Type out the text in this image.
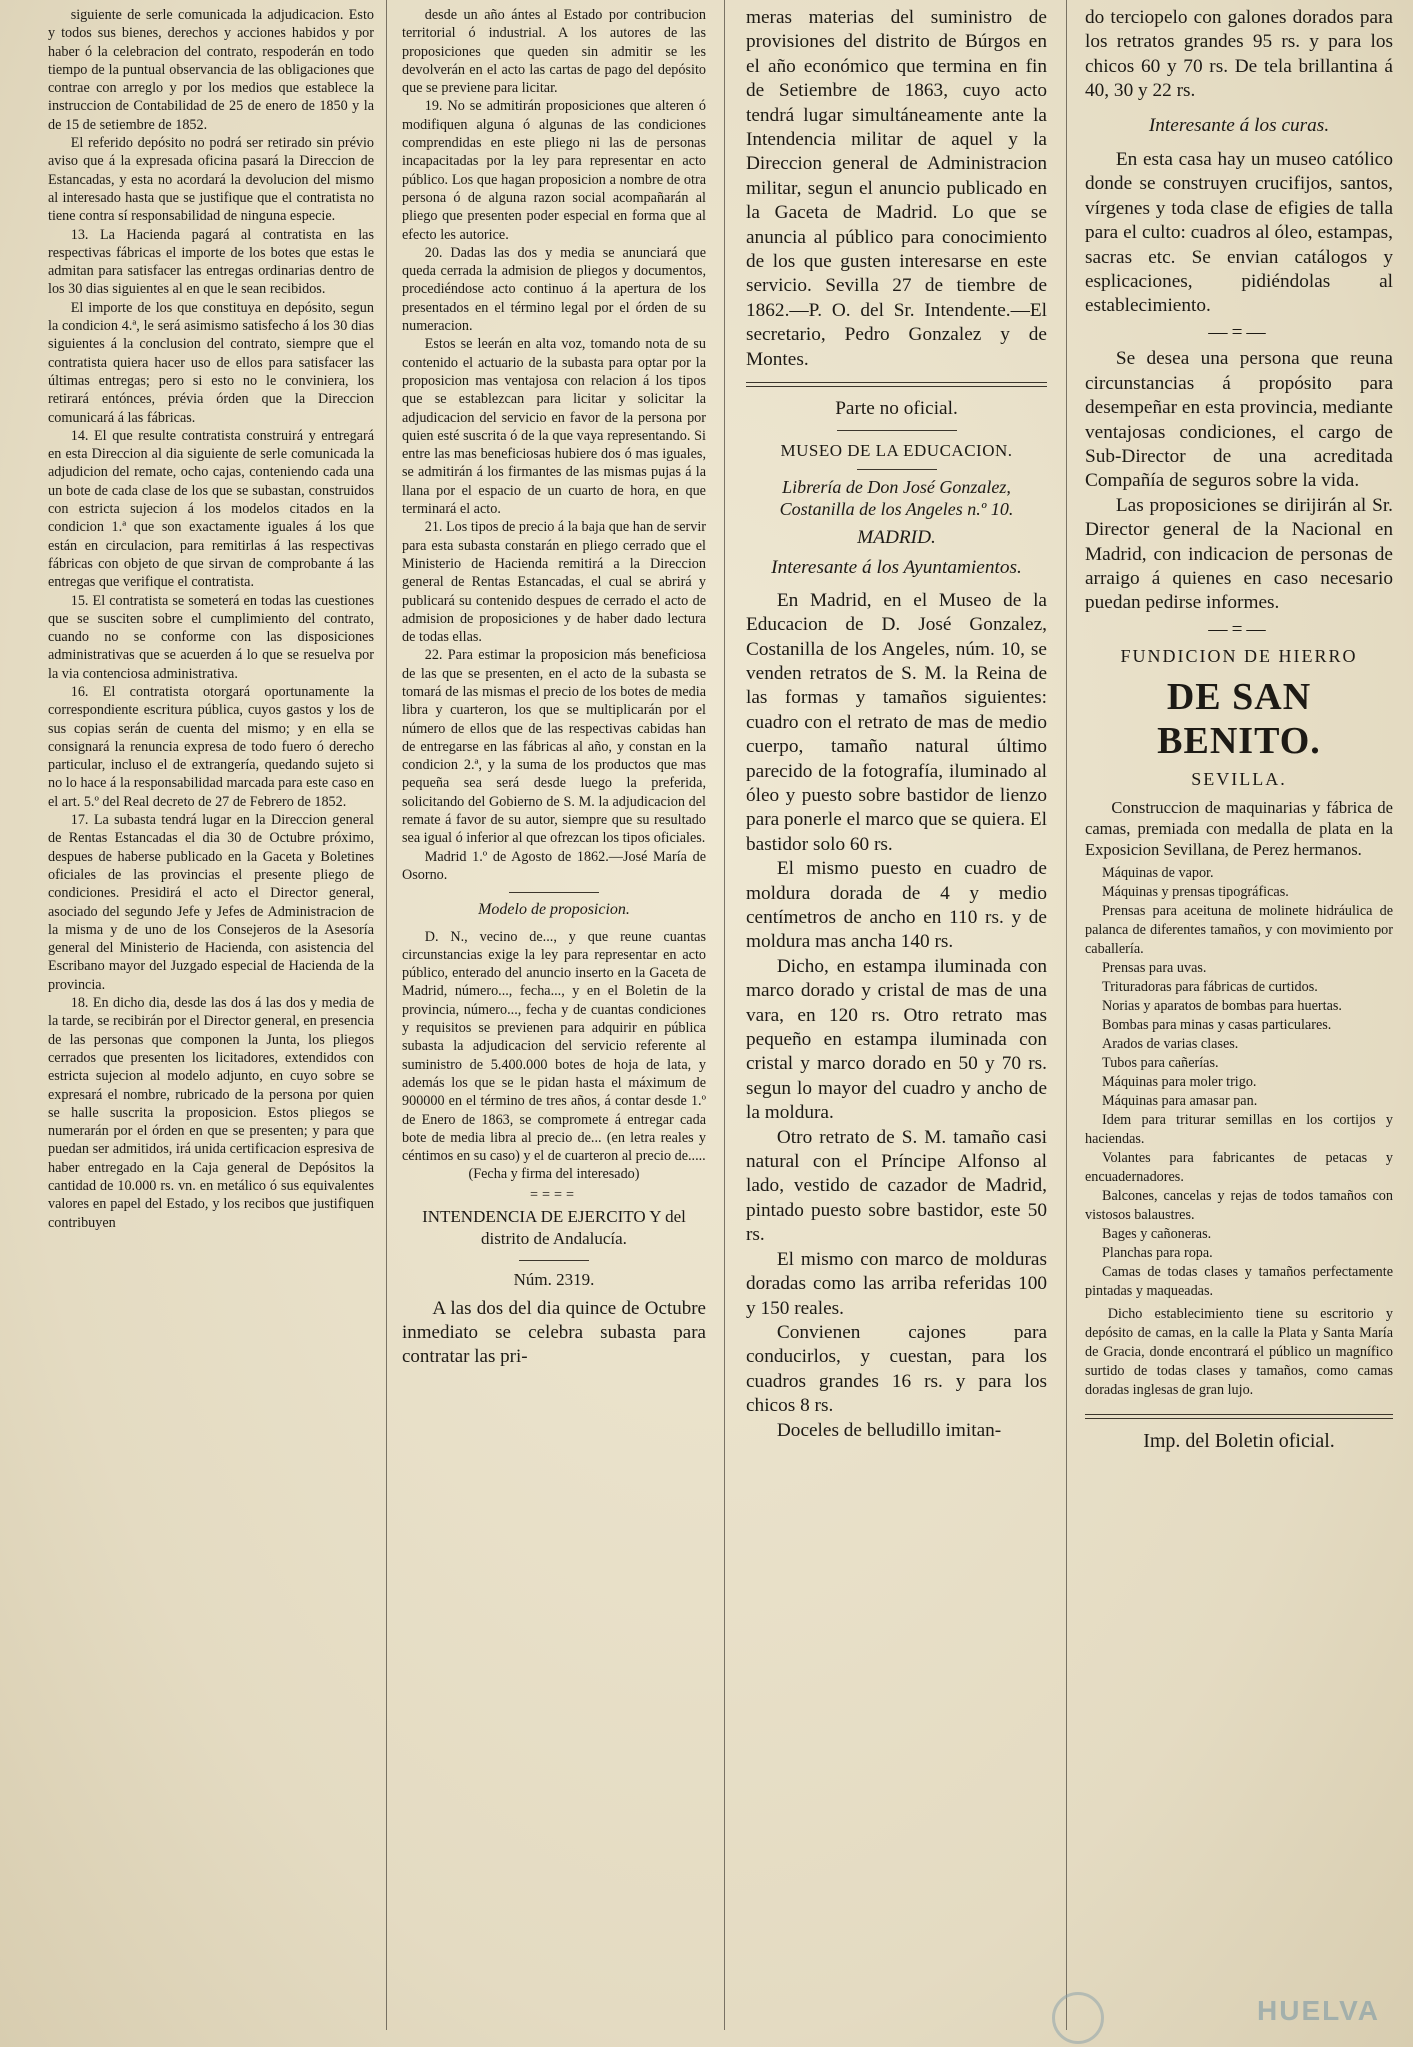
siguiente de serle comunicada la adjudicacion. Esto y todos sus bienes, derechos y acciones habidos y por haber ó la celebracion del contrato, respoderán en todo tiempo de la puntual observancia de las obligaciones que contrae con arreglo y por los medios que establece la instruccion de Contabilidad de 25 de enero de 1850 y la de 15 de setiembre de 1852.

El referido depósito no podrá ser retirado sin prévio aviso que á la expresada oficina pasará la Direccion de Estancadas, y esta no acordará la devolucion del mismo al interesado hasta que se justifique que el contratista no tiene contra sí responsabilidad de ninguna especie.

13. La Hacienda pagará al contratista en las respectivas fábricas el importe de los botes que estas le admitan para satisfacer las entregas ordinarias dentro de los 30 dias siguientes al en que le sean recibidos.

El importe de los que constituya en depósito, segun la condicion 4.ª, le será asimismo satisfecho á los 30 dias siguientes á la conclusion del contrato, siempre que el contratista quiera hacer uso de ellos para satisfacer las últimas entregas; pero si esto no le conviniera, los retirará entónces, prévia órden que la Direccion comunicará á las fábricas.

14. El que resulte contratista construirá y entregará en esta Direccion al dia siguiente de serle comunicada la adjudicion del remate, ocho cajas, conteniendo cada una un bote de cada clase de los que se subastan, construidos con estricta sujecion á los modelos citados en la condicion 1.ª que son exactamente iguales á los que están en circulacion, para remitirlas á las respectivas fábricas con objeto de que sirvan de comprobante á las entregas que verifique el contratista.

15. El contratista se someterá en todas las cuestiones que se susciten sobre el cumplimiento del contrato, cuando no se conforme con las disposiciones administrativas que se acuerden á lo que se resuelva por la via contenciosa administrativa.

16. El contratista otorgará oportunamente la correspondiente escritura pública, cuyos gastos y los de sus copias serán de cuenta del mismo; y en ella se consignará la renuncia expresa de todo fuero ó derecho particular, incluso el de extrangería, quedando sujeto si no lo hace á la responsabilidad marcada para este caso en el art. 5.º del Real decreto de 27 de Febrero de 1852.

17. La subasta tendrá lugar en la Direccion general de Rentas Estancadas el dia 30 de Octubre próximo, despues de haberse publicado en la Gaceta y Boletines oficiales de las provincias el presente pliego de condiciones. Presidirá el acto el Director general, asociado del segundo Jefe y Jefes de Administracion de la misma y de uno de los Consejeros de la Asesoría general del Ministerio de Hacienda, con asistencia del Escribano mayor del Juzgado especial de Hacienda de la provincia.

18. En dicho dia, desde las dos á las dos y media de la tarde, se recibirán por el Director general, en presencia de las personas que componen la Junta, los pliegos cerrados que presenten los licitadores, extendidos con estricta sujecion al modelo adjunto, en cuyo sobre se expresará el nombre, rubricado de la persona por quien se halle suscrita la proposicion. Estos pliegos se numerarán por el órden en que se presenten; y para que puedan ser admitidos, irá unida certificacion espresiva de haber entregado en la Caja general de Depósitos la cantidad de 10.000 rs. vn. en metálico ó sus equivalentes valores en papel del Estado, y los recibos que justifiquen contribuyen

desde un año ántes al Estado por contribucion territorial ó industrial. A los autores de las proposiciones que queden sin admitir se les devolverán en el acto las cartas de pago del depósito que se previene para licitar.

19. No se admitirán proposiciones que alteren ó modifiquen alguna ó algunas de las condiciones comprendidas en este pliego ni las de personas incapacitadas por la ley para representar en acto público. Los que hagan proposicion a nombre de otra persona ó de alguna razon social acompañarán al pliego que presenten poder especial en forma que al efecto les autorice.

20. Dadas las dos y media se anunciará que queda cerrada la admision de pliegos y documentos, procediéndose acto continuo á la apertura de los presentados en el término legal por el órden de su numeracion.

Estos se leerán en alta voz, tomando nota de su contenido el actuario de la subasta para optar por la proposicion mas ventajosa con relacion á los tipos que se establezcan para licitar y solicitar la adjudicacion del servicio en favor de la persona por quien esté suscrita ó de la que vaya representando. Si entre las mas beneficiosas hubiere dos ó mas iguales, se admitirán á los firmantes de las mismas pujas á la llana por el espacio de un cuarto de hora, en que terminará el acto.

21. Los tipos de precio á la baja que han de servir para esta subasta constarán en pliego cerrado que el Ministerio de Hacienda remitirá a la Direccion general de Rentas Estancadas, el cual se abrirá y publicará su contenido despues de cerrado el acto de admision de proposiciones y de haber dado lectura de todas ellas.

22. Para estimar la proposicion más beneficiosa de las que se presenten, en el acto de la subasta se tomará de las mismas el precio de los botes de media libra y cuarteron, los que se multiplicarán por el número de ellos que de las respectivas cabidas han de entregarse en las fábricas al año, y constan en la condicion 2.ª, y la suma de los productos que mas pequeña sea será desde luego la preferida, solicitando del Gobierno de S. M. la adjudicacion del remate á favor de su autor, siempre que su resultado sea igual ó inferior al que ofrezcan los tipos oficiales.

Madrid 1.º de Agosto de 1862.—José María de Osorno.

Modelo de proposicion.

D. N., vecino de..., y que reune cuantas circunstancias exige la ley para representar en acto público, enterado del anuncio inserto en la Gaceta de Madrid, número..., fecha..., y en el Boletin de la provincia, número..., fecha y de cuantas condiciones y requisitos se previenen para adquirir en pública subasta la adjudicacion del servicio referente al suministro de 5.400.000 botes de hoja de lata, y además los que se le pidan hasta el máximum de 900000 en el término de tres años, á contar desde 1.º de Enero de 1863, se compromete á entregar cada bote de media libra al precio de... (en letra reales y céntimos en su caso) y el de cuarteron al precio de.....

(Fecha y firma del interesado)

====

INTENDENCIA DE EJERCITO Y del distrito de Andalucía.

Núm. 2319.

A las dos del dia quince de Octubre inmediato se celebra subasta para contratar las pri-

meras materias del suministro de provisiones del distrito de Búrgos en el año económico que termina en fin de Setiembre de 1863, cuyo acto tendrá lugar simultáneamente ante la Intendencia militar de aquel y la Direccion general de Administracion militar, segun el anuncio publicado en la Gaceta de Madrid. Lo que se anuncia al público para conocimiento de los que gusten interesarse en este servicio. Sevilla 27 de tiembre de 1862.—P. O. del Sr. Intendente.—El secretario, Pedro Gonzalez y de Montes.

Parte no oficial.

MUSEO DE LA EDUCACION.

Librería de Don José Gonzalez, Costanilla de los Angeles n.º 10.

MADRID.

Interesante á los Ayuntamientos.

En Madrid, en el Museo de la Educacion de D. José Gonzalez, Costanilla de los Angeles, núm. 10, se venden retratos de S. M. la Reina de las formas y tamaños siguientes: cuadro con el retrato de mas de medio cuerpo, tamaño natural último parecido de la fotografía, iluminado al óleo y puesto sobre bastidor de lienzo para ponerle el marco que se quiera. El bastidor solo 60 rs.

El mismo puesto en cuadro de moldura dorada de 4 y medio centímetros de ancho en 110 rs. y de moldura mas ancha 140 rs.

Dicho, en estampa iluminada con marco dorado y cristal de mas de una vara, en 120 rs. Otro retrato mas pequeño en estampa iluminada con cristal y marco dorado en 50 y 70 rs. segun lo mayor del cuadro y ancho de la moldura.

Otro retrato de S. M. tamaño casi natural con el Príncipe Alfonso al lado, vestido de cazador de Madrid, pintado puesto sobre bastidor, este 50 rs.

El mismo con marco de molduras doradas como las arriba referidas 100 y 150 reales.

Convienen cajones para conducirlos, y cuestan, para los cuadros grandes 16 rs. y para los chicos 8 rs.

Doceles de belludillo imitan-

do terciopelo con galones dorados para los retratos grandes 95 rs. y para los chicos 60 y 70 rs. De tela brillantina á 40, 30 y 22 rs.

Interesante á los curas.

En esta casa hay un museo católico donde se construyen crucifijos, santos, vírgenes y toda clase de efigies de talla para el culto: cuadros al óleo, estampas, sacras etc. Se envian catálogos y esplicaciones, pidiéndolas al establecimiento.

—=—

Se desea una persona que reuna circunstancias á propósito para desempeñar en esta provincia, mediante ventajosas condiciones, el cargo de Sub-Director de una acreditada Compañía de seguros sobre la vida.

Las proposiciones se dirijirán al Sr. Director general de la Nacional en Madrid, con indicacion de personas de arraigo á quienes en caso necesario puedan pedirse informes.

—=—

FUNDICION DE HIERRO

DE SAN BENITO.

SEVILLA.

Construccion de maquinarias y fábrica de camas, premiada con medalla de plata en la Exposicion Sevillana, de Perez hermanos.

Máquinas de vapor.

Máquinas y prensas tipográficas.

Prensas para aceituna de molinete hidráulica de palanca de diferentes tamaños, y con movimiento por caballería.

Prensas para uvas.

Trituradoras para fábricas de curtidos.

Norias y aparatos de bombas para huertas.

Bombas para minas y casas particulares.

Arados de varias clases.

Tubos para cañerías.

Máquinas para moler trigo.

Máquinas para amasar pan.

Idem para triturar semillas en los cortijos y haciendas.

Volantes para fabricantes de petacas y encuadernadores.

Balcones, cancelas y rejas de todos tamaños con vistosos balaustres.

Bages y cañoneras.

Planchas para ropa.

Camas de todas clases y tamaños perfectamente pintadas y maqueadas.

Dicho establecimiento tiene su escritorio y depósito de camas, en la calle la Plata y Santa María de Gracia, donde encontrará el público un magnífico surtido de todas clases y tamaños, como camas doradas inglesas de gran lujo.

Imp. del Boletin oficial.

HUELVA
